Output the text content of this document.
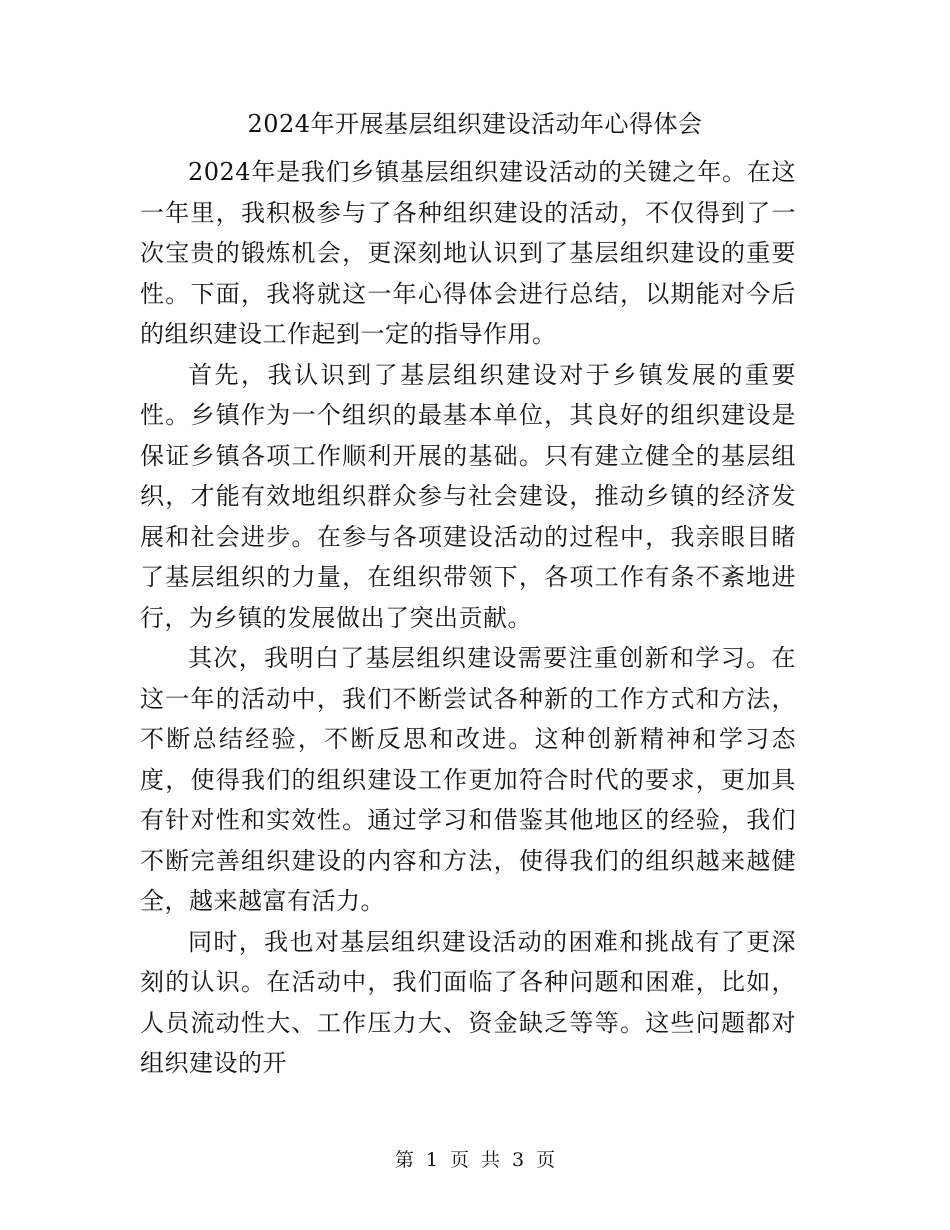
2024年开展基层组织建设活动年心得体会

2024年是我们乡镇基层组织建设活动的关键之年。在这一年里，我积极参与了各种组织建设的活动，不仅得到了一次宝贵的锻炼机会，更深刻地认识到了基层组织建设的重要性。下面，我将就这一年心得体会进行总结，以期能对今后的组织建设工作起到一定的指导作用。

首先，我认识到了基层组织建设对于乡镇发展的重要性。乡镇作为一个组织的最基本单位，其良好的组织建设是保证乡镇各项工作顺利开展的基础。只有建立健全的基层组织，才能有效地组织群众参与社会建设，推动乡镇的经济发展和社会进步。在参与各项建设活动的过程中，我亲眼目睹了基层组织的力量，在组织带领下，各项工作有条不紊地进行，为乡镇的发展做出了突出贡献。

其次，我明白了基层组织建设需要注重创新和学习。在这一年的活动中，我们不断尝试各种新的工作方式和方法，不断总结经验，不断反思和改进。这种创新精神和学习态度，使得我们的组织建设工作更加符合时代的要求，更加具有针对性和实效性。通过学习和借鉴其他地区的经验，我们不断完善组织建设的内容和方法，使得我们的组织越来越健全，越来越富有活力。

同时，我也对基层组织建设活动的困难和挑战有了更深刻的认识。在活动中，我们面临了各种问题和困难，比如，人员流动性大、工作压力大、资金缺乏等等。这些问题都对组织建设的开

第 1 页 共 3 页
